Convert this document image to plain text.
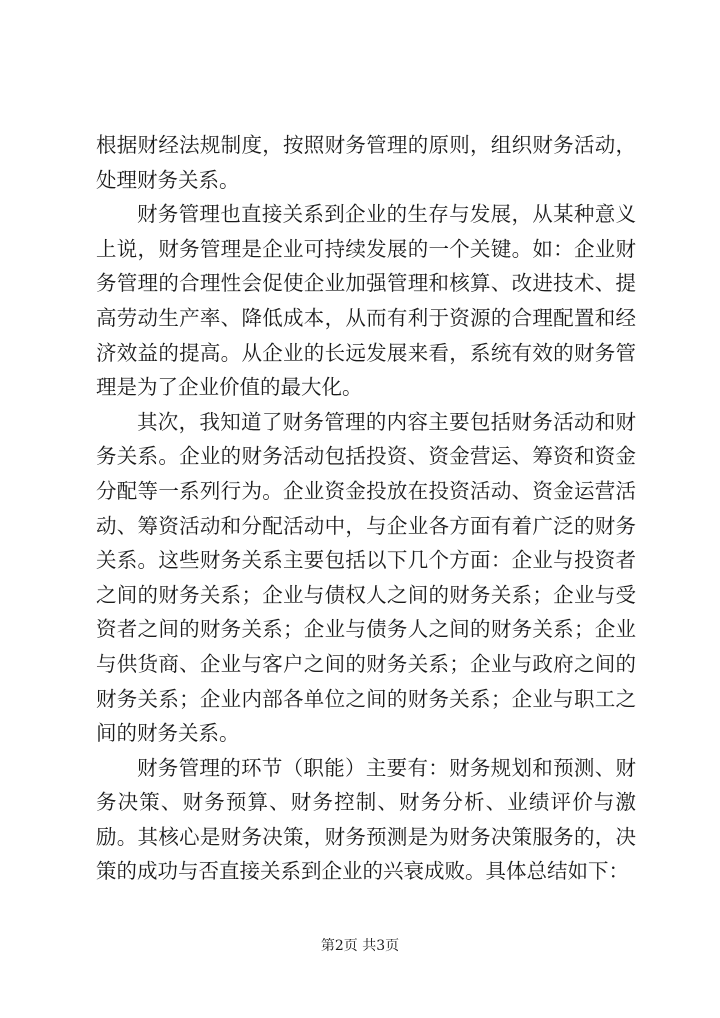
根据财经法规制度，按照财务管理的原则，组织财务活动，处理财务关系。

财务管理也直接关系到企业的生存与发展，从某种意义上说，财务管理是企业可持续发展的一个关键。如：企业财务管理的合理性会促使企业加强管理和核算、改进技术、提高劳动生产率、降低成本，从而有利于资源的合理配置和经济效益的提高。从企业的长远发展来看，系统有效的财务管理是为了企业价值的最大化。

其次，我知道了财务管理的内容主要包括财务活动和财务关系。企业的财务活动包括投资、资金营运、筹资和资金分配等一系列行为。企业资金投放在投资活动、资金运营活动、筹资活动和分配活动中，与企业各方面有着广泛的财务关系。这些财务关系主要包括以下几个方面：企业与投资者之间的财务关系；企业与债权人之间的财务关系；企业与受资者之间的财务关系；企业与债务人之间的财务关系；企业与供货商、企业与客户之间的财务关系；企业与政府之间的财务关系；企业内部各单位之间的财务关系；企业与职工之间的财务关系。

财务管理的环节（职能）主要有：财务规划和预测、财务决策、财务预算、财务控制、财务分析、业绩评价与激励。其核心是财务决策，财务预测是为财务决策服务的，决策的成功与否直接关系到企业的兴衰成败。具体总结如下：

第2页 共3页
